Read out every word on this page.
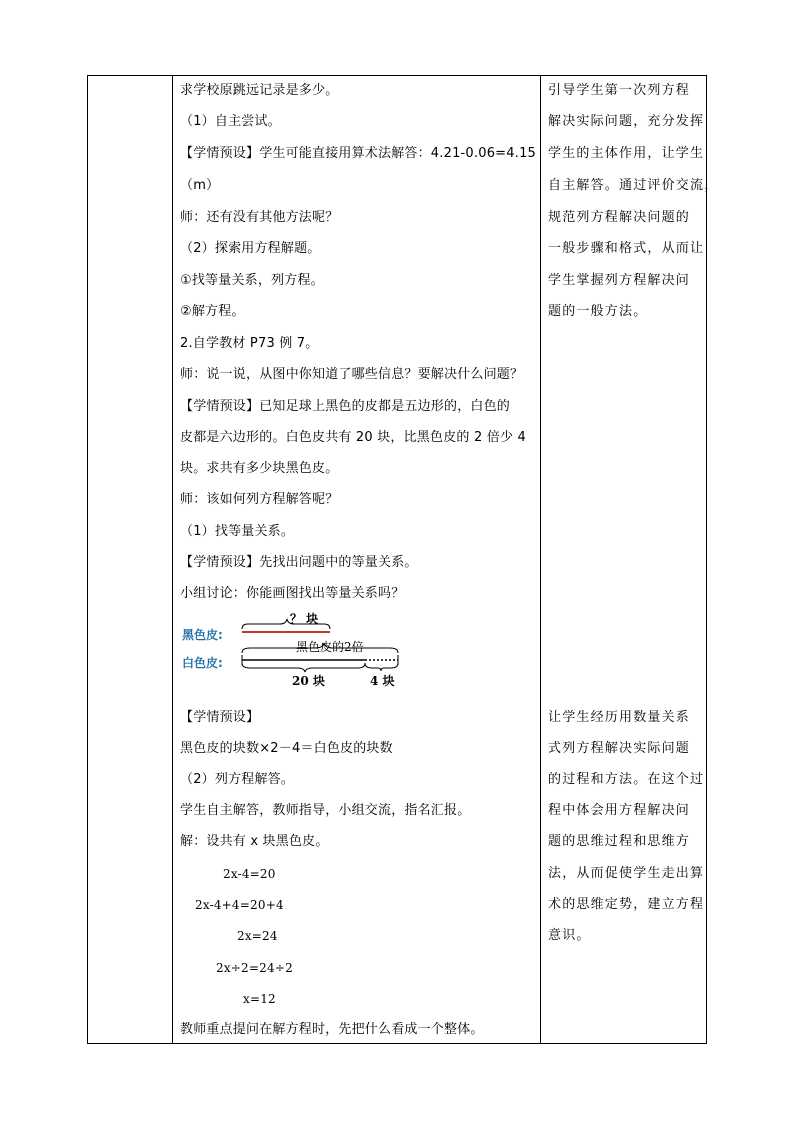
求学校原跳远记录是多少。
（1）自主尝试。
【学情预设】学生可能直接用算术法解答：4.21-0.06=4.15
（m）
师：还有没有其他方法呢？
（2）探索用方程解题。
①找等量关系，列方程。
②解方程。
2.自学教材 P73 例 7。
师：说一说，从图中你知道了哪些信息？要解决什么问题？
【学情预设】已知足球上黑色的皮都是五边形的，白色的
皮都是六边形的。白色皮共有 20 块，比黑色皮的 2 倍少 4
块。求共有多少块黑色皮。
师：该如何列方程解答呢？
（1）找等量关系。
【学情预设】先找出问题中的等量关系。
小组讨论：你能画图找出等量关系吗？
黑色皮:
白色皮:
？ 块
黑色皮的2倍
20 块	4 块
【学情预设】
黑色皮的块数×2－4＝白色皮的块数
（2）列方程解答。
学生自主解答，教师指导，小组交流，指名汇报。
解：设共有 x 块黑色皮。
2x-4=20
2x-4+4=20+4
2x=24
2x÷2=24÷2
x=12
教师重点提问在解方程时，先把什么看成一个整体。
引导学生第一次列方程
解决实际问题，充分发挥
学生的主体作用，让学生
自主解答。通过评价交流，
规范列方程解决问题的
一般步骤和格式，从而让
学生掌握列方程解决问
题的一般方法。
让学生经历用数量关系
式列方程解决实际问题
的过程和方法。在这个过
程中体会用方程解决问
题的思维过程和思维方
法，从而促使学生走出算
术的思维定势，建立方程
意识。
